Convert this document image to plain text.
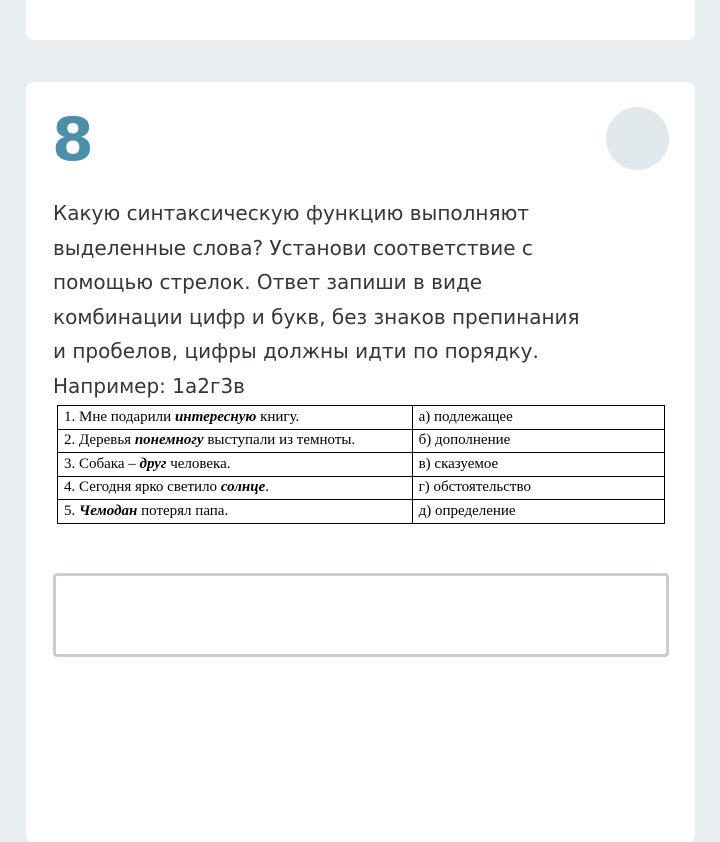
8

Какую синтаксическую функцию выполняют
выделенные слова? Установи соответствие с
помощью стрелок. Ответ запиши в виде
комбинации цифр и букв, без знаков препинания
и пробелов, цифры должны идти по порядку.
Например: 1а2г3в

1. Мне подарили интересную книгу.	а) подлежащее
2. Деревья понемногу выступали из темноты.	б) дополнение
3. Собака – друг человека.	в) сказуемое
4. Сегодня ярко светило солнце.	г) обстоятельство
5. Чемодан потерял папа.	д) определение
